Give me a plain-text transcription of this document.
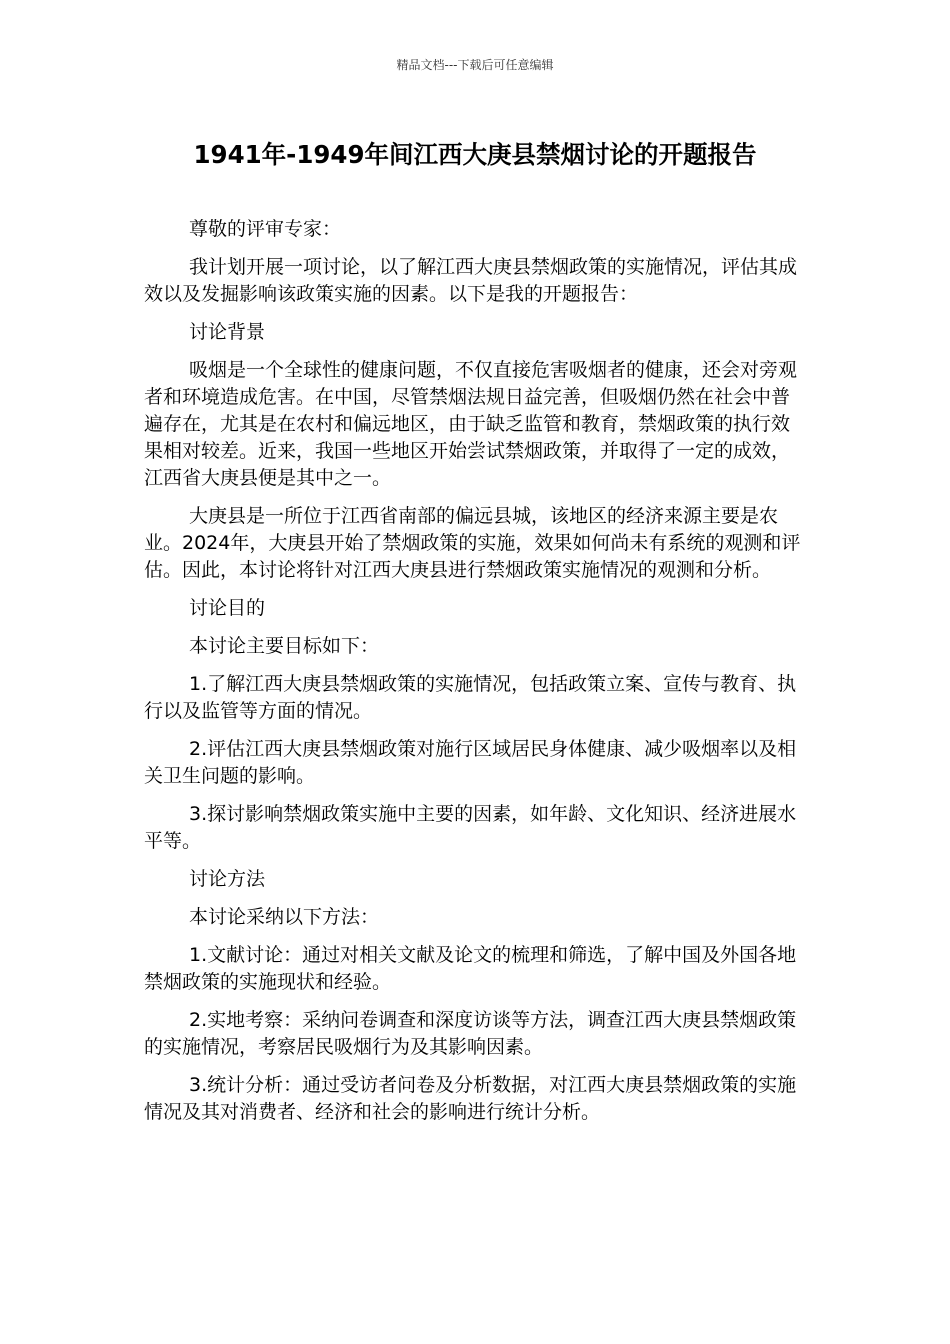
精品文档---下载后可任意编辑
1941年-1949年间江西大庚县禁烟讨论的开题报告

尊敬的评审专家：

我计划开展一项讨论，以了解江西大庚县禁烟政策的实施情况，评估其成效以及发掘影响该政策实施的因素。以下是我的开题报告：

讨论背景

吸烟是一个全球性的健康问题，不仅直接危害吸烟者的健康，还会对旁观者和环境造成危害。在中国，尽管禁烟法规日益完善，但吸烟仍然在社会中普遍存在，尤其是在农村和偏远地区，由于缺乏监管和教育，禁烟政策的执行效果相对较差。近来，我国一些地区开始尝试禁烟政策，并取得了一定的成效，江西省大庚县便是其中之一。

大庚县是一所位于江西省南部的偏远县城，该地区的经济来源主要是农业。2024年，大庚县开始了禁烟政策的实施，效果如何尚未有系统的观测和评估。因此，本讨论将针对江西大庚县进行禁烟政策实施情况的观测和分析。

讨论目的

本讨论主要目标如下：

1.了解江西大庚县禁烟政策的实施情况，包括政策立案、宣传与教育、执行以及监管等方面的情况。

2.评估江西大庚县禁烟政策对施行区域居民身体健康、减少吸烟率以及相关卫生问题的影响。

3.探讨影响禁烟政策实施中主要的因素，如年龄、文化知识、经济进展水平等。

讨论方法

本讨论采纳以下方法：

1.文献讨论：通过对相关文献及论文的梳理和筛选，了解中国及外国各地禁烟政策的实施现状和经验。

2.实地考察：采纳问卷调查和深度访谈等方法，调查江西大庚县禁烟政策的实施情况，考察居民吸烟行为及其影响因素。

3.统计分析：通过受访者问卷及分析数据，对江西大庚县禁烟政策的实施情况及其对消费者、经济和社会的影响进行统计分析。
